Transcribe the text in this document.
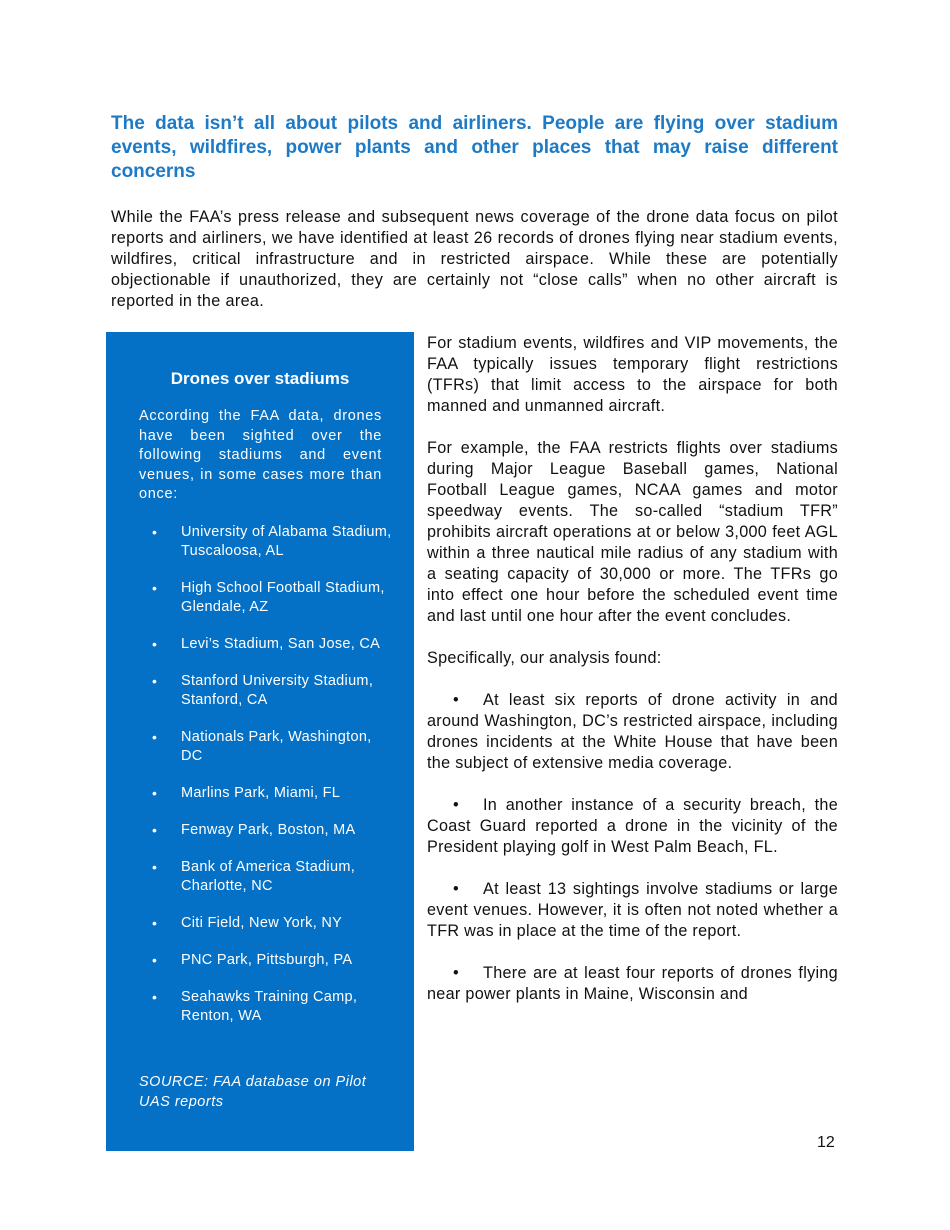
The data isn’t all about pilots and airliners. People are flying over stadium events, wildfires, power plants and other places that may raise different concerns

While the FAA’s press release and subsequent news coverage of the drone data focus on pilot reports and airliners, we have identified at least 26 records of drones flying near stadium events, wildfires, critical infrastructure and in restricted airspace. While these are potentially objectionable if unauthorized, they are certainly not “close calls” when no other aircraft is reported in the area.

Drones over stadiums

According the FAA data, drones have been sighted over the following stadiums and event venues, in some cases more than once:

• University of Alabama Stadium, Tuscaloosa, AL
• High School Football Stadium, Glendale, AZ
• Levi’s Stadium, San Jose, CA
• Stanford University Stadium, Stanford, CA
• Nationals Park, Washington, DC
• Marlins Park, Miami, FL
• Fenway Park, Boston, MA
• Bank of America Stadium, Charlotte, NC
• Citi Field, New York, NY
• PNC Park, Pittsburgh, PA
• Seahawks Training Camp, Renton, WA

SOURCE: FAA database on Pilot UAS reports

For stadium events, wildfires and VIP movements, the FAA typically issues temporary flight restrictions (TFRs) that limit access to the airspace for both manned and unmanned aircraft.

For example, the FAA restricts flights over stadiums during Major League Baseball games, National Football League games, NCAA games and motor speedway events. The so-called “stadium TFR” prohibits aircraft operations at or below 3,000 feet AGL within a three nautical mile radius of any stadium with a seating capacity of 30,000 or more. The TFRs go into effect one hour before the scheduled event time and last until one hour after the event concludes.

Specifically, our analysis found:

• At least six reports of drone activity in and around Washington, DC’s restricted airspace, including drones incidents at the White House that have been the subject of extensive media coverage.

• In another instance of a security breach, the Coast Guard reported a drone in the vicinity of the President playing golf in West Palm Beach, FL.

• At least 13 sightings involve stadiums or large event venues. However, it is often not noted whether a TFR was in place at the time of the report.

• There are at least four reports of drones flying near power plants in Maine, Wisconsin and

12
